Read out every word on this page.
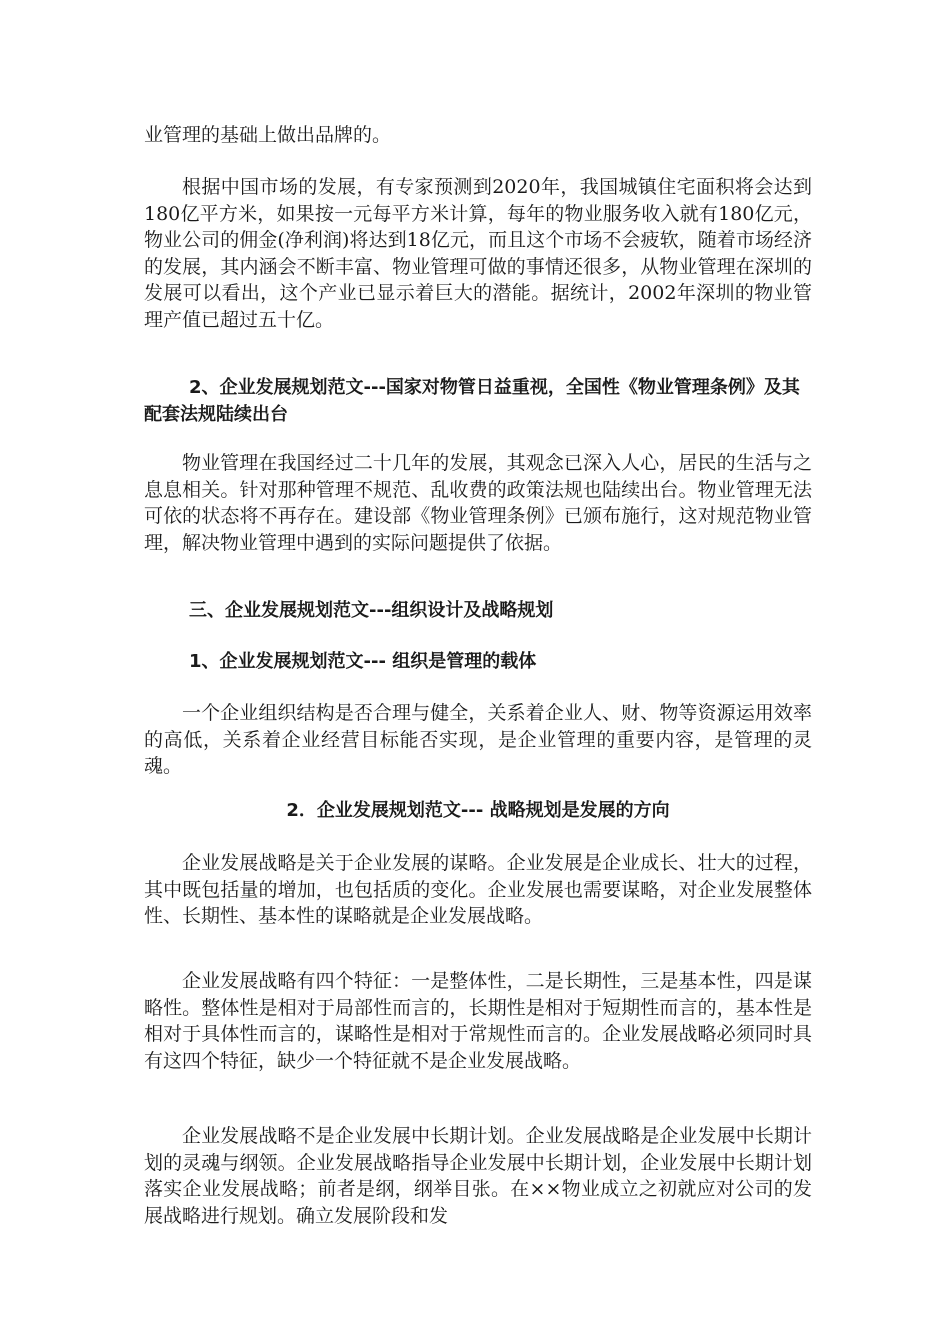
业管理的基础上做出品牌的。
根据中国市场的发展，有专家预测到2020年，我国城镇住宅面积将会达到180亿平方米，如果按一元每平方米计算，每年的物业服务收入就有180亿元，物业公司的佣金(净利润)将达到18亿元，而且这个市场不会疲软，随着市场经济的发展，其内涵会不断丰富、物业管理可做的事情还很多，从物业管理在深圳的发展可以看出，这个产业已显示着巨大的潜能。据统计，2002年深圳的物业管理产值已超过五十亿。
2、企业发展规划范文---国家对物管日益重视，全国性《物业管理条例》及其配套法规陆续出台
物业管理在我国经过二十几年的发展，其观念已深入人心，居民的生活与之息息相关。针对那种管理不规范、乱收费的政策法规也陆续出台。物业管理无法可依的状态将不再存在。建设部《物业管理条例》已颁布施行，这对规范物业管理，解决物业管理中遇到的实际问题提供了依据。
三、企业发展规划范文---组织设计及战略规划
1、企业发展规划范文--- 组织是管理的载体
一个企业组织结构是否合理与健全，关系着企业人、财、物等资源运用效率的高低，关系着企业经营目标能否实现，是企业管理的重要内容，是管理的灵魂。
2．企业发展规划范文--- 战略规划是发展的方向
企业发展战略是关于企业发展的谋略。企业发展是企业成长、壮大的过程，其中既包括量的增加，也包括质的变化。企业发展也需要谋略，对企业发展整体性、长期性、基本性的谋略就是企业发展战略。
企业发展战略有四个特征：一是整体性，二是长期性，三是基本性，四是谋略性。整体性是相对于局部性而言的，长期性是相对于短期性而言的，基本性是相对于具体性而言的，谋略性是相对于常规性而言的。企业发展战略必须同时具有这四个特征，缺少一个特征就不是企业发展战略。
企业发展战略不是企业发展中长期计划。企业发展战略是企业发展中长期计划的灵魂与纲领。企业发展战略指导企业发展中长期计划，企业发展中长期计划落实企业发展战略；前者是纲，纲举目张。在××物业成立之初就应对公司的发展战略进行规划。确立发展阶段和发
